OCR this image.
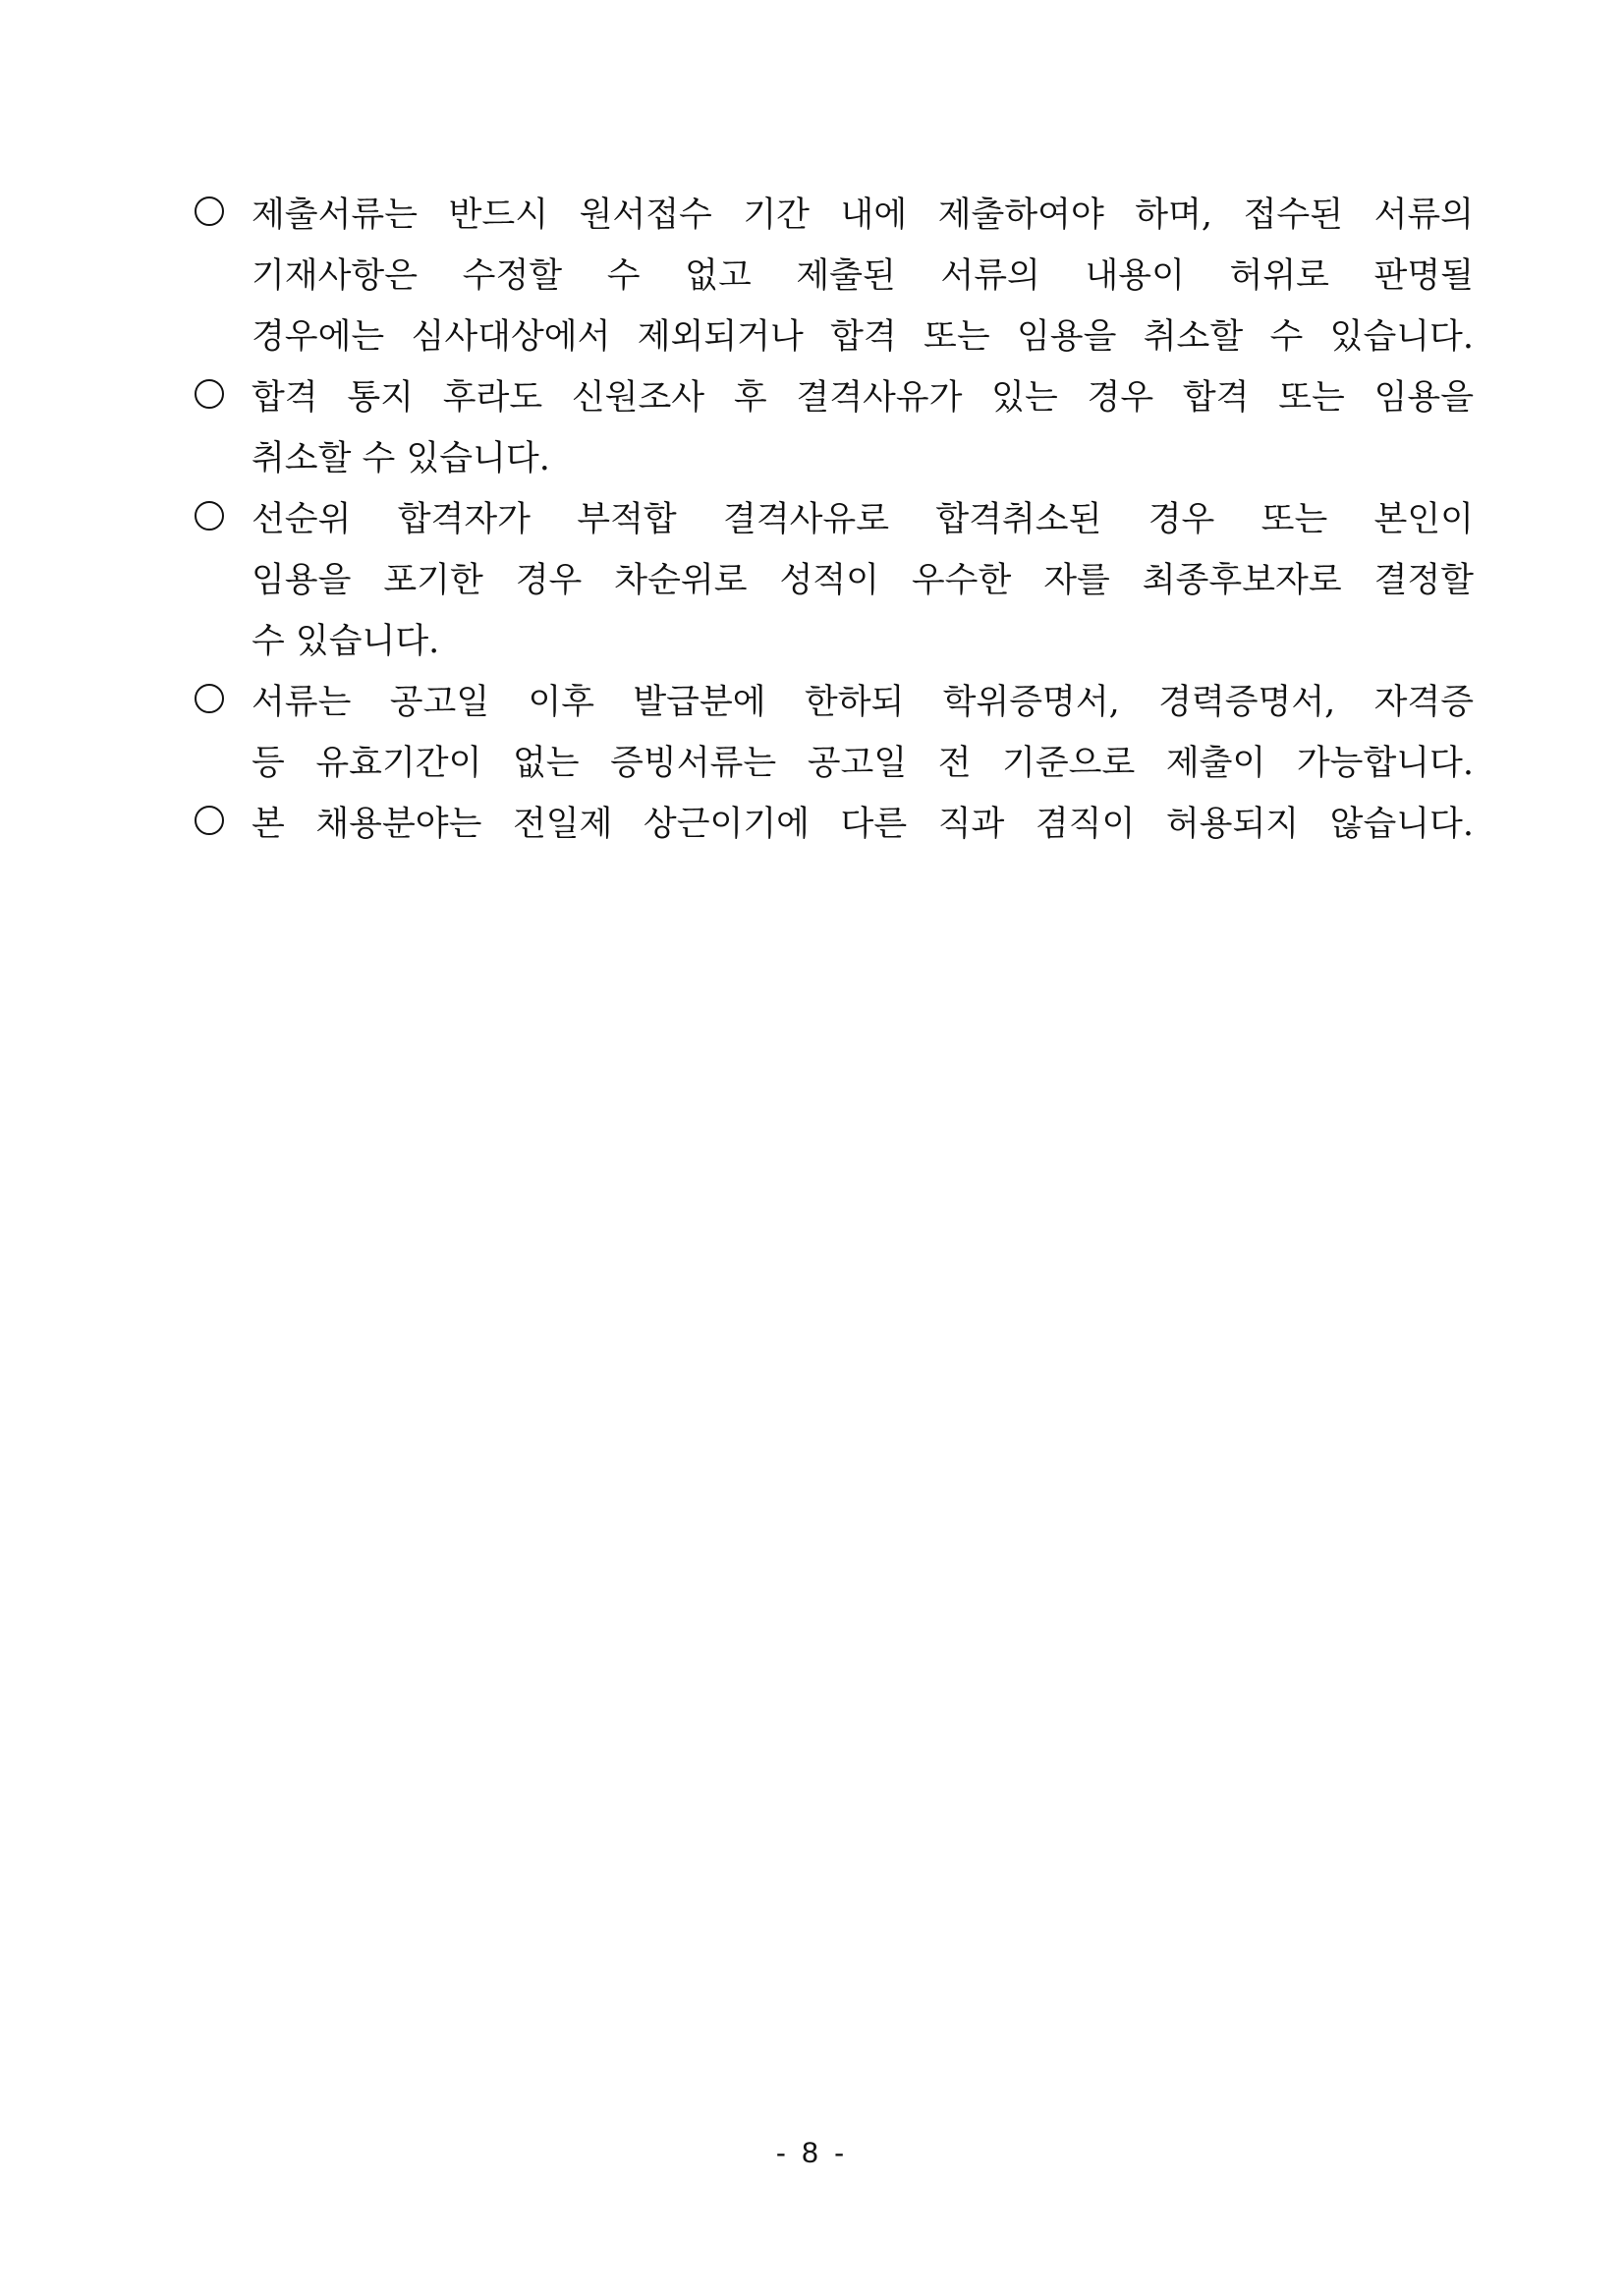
제출서류는 반드시 원서접수 기간 내에 제출하여야 하며, 접수된 서류의
기재사항은 수정할 수 없고 제출된 서류의 내용이 허위로 판명될
경우에는 심사대상에서 제외되거나 합격 또는 임용을 취소할 수 있습니다.
합격 통지 후라도 신원조사 후 결격사유가 있는 경우 합격 또는 임용을
취소할 수 있습니다.
선순위 합격자가 부적합 결격사유로 합격취소된 경우 또는 본인이
임용을 포기한 경우 차순위로 성적이 우수한 자를 최종후보자로 결정할
수 있습니다.
서류는 공고일 이후 발급분에 한하되 학위증명서, 경력증명서, 자격증
등 유효기간이 없는 증빙서류는 공고일 전 기준으로 제출이 가능합니다.
본 채용분야는 전일제 상근이기에 다른 직과 겸직이 허용되지 않습니다.
- 8 -
